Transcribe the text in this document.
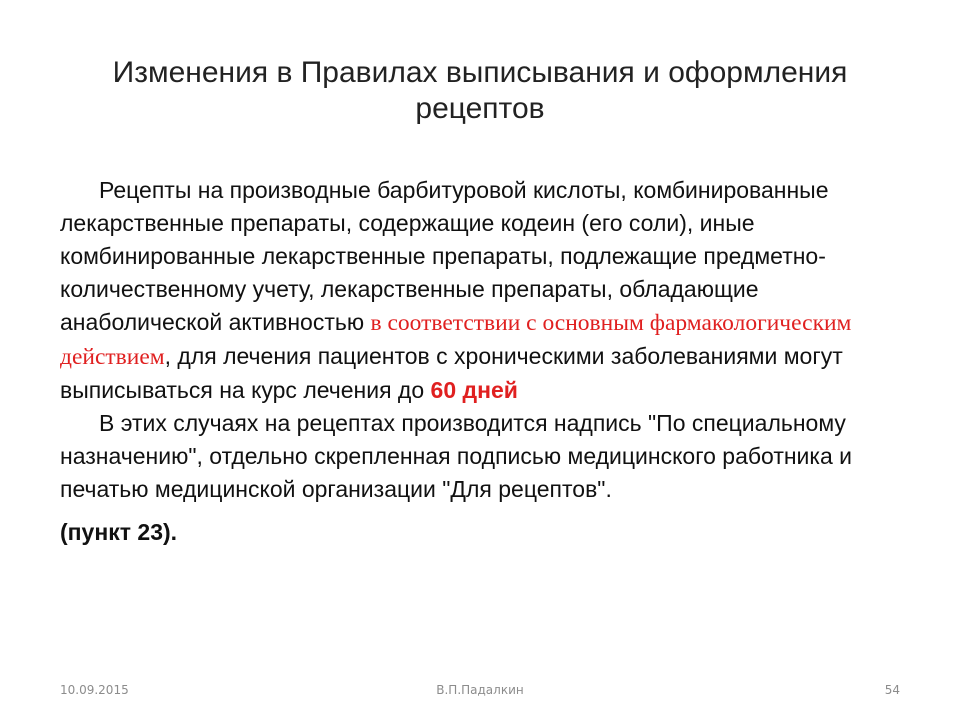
Изменения в Правилах выписывания и оформления
рецептов

Рецепты на производные барбитуровой кислоты, комбинированные лекарственные препараты, содержащие кодеин (его соли), иные комбинированные лекарственные препараты, подлежащие предметно-количественному учету, лекарственные препараты, обладающие анаболической активностью в соответствии с основным фармакологическим действием, для лечения пациентов с хроническими заболеваниями могут выписываться на курс лечения до 60 дней

В этих случаях на рецептах производится надпись "По специальному назначению", отдельно скрепленная подписью медицинского работника и печатью медицинской организации "Для рецептов".

(пункт 23).

10.09.2015	В.П.Падалкин	54
